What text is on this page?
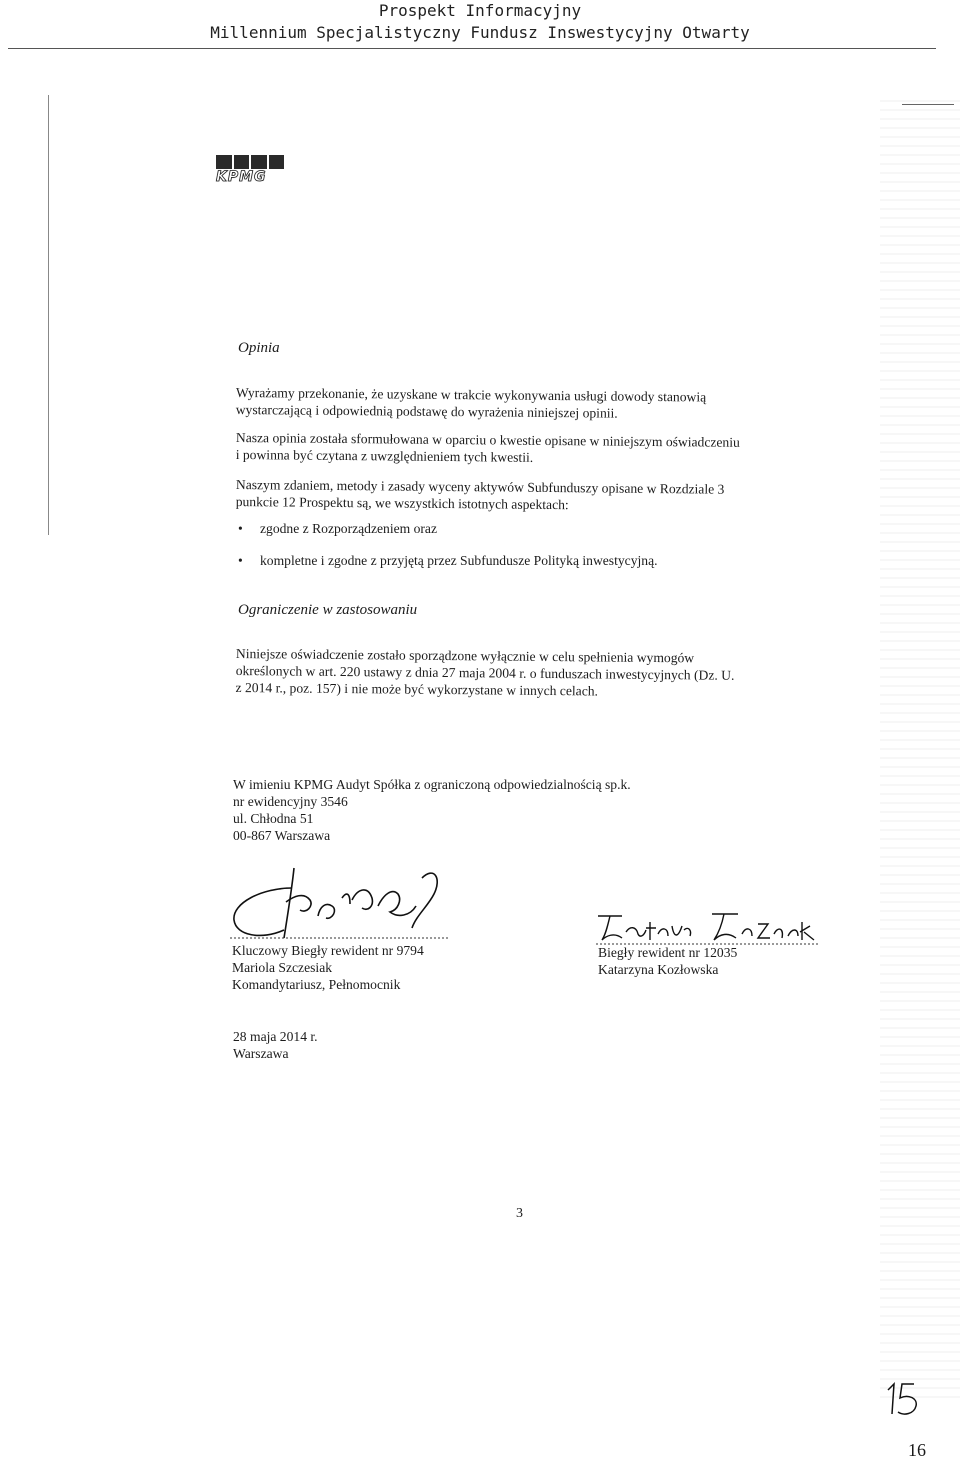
Prospekt Informacyjny
Millennium Specjalistyczny Fundusz Inswestycyjny Otwarty
KPMG
Opinia
Wyrażamy przekonanie, że uzyskane w trakcie wykonywania usługi dowody stanowią
wystarczającą i odpowiednią podstawę do wyrażenia niniejszej opinii.
Nasza opinia została sformułowana w oparciu o kwestie opisane w niniejszym oświadczeniu
i powinna być czytana z uwzględnieniem tych kwestii.
Naszym zdaniem, metody i zasady wyceny aktywów Subfunduszy opisane w Rozdziale 3
punkcie 12 Prospektu są, we wszystkich istotnych aspektach:
• zgodne z Rozporządzeniem oraz
• kompletne i zgodne z przyjętą przez Subfundusze Polityką inwestycyjną.
Ograniczenie w zastosowaniu
Niniejsze oświadczenie zostało sporządzone wyłącznie w celu spełnienia wymogów
określonych w art. 220 ustawy z dnia 27 maja 2004 r. o funduszach inwestycyjnych (Dz. U.
z 2014 r., poz. 157) i nie może być wykorzystane w innych celach.
W imieniu KPMG Audyt Spółka z ograniczoną odpowiedzialnością sp.k.
nr ewidencyjny 3546
ul. Chłodna 51
00-867 Warszawa
Kluczowy Biegły rewident nr 9794
Mariola Szczesiak
Komandytariusz, Pełnomocnik
Biegły rewident nr 12035
Katarzyna Kozłowska
28 maja 2014 r.
Warszawa
3
16
